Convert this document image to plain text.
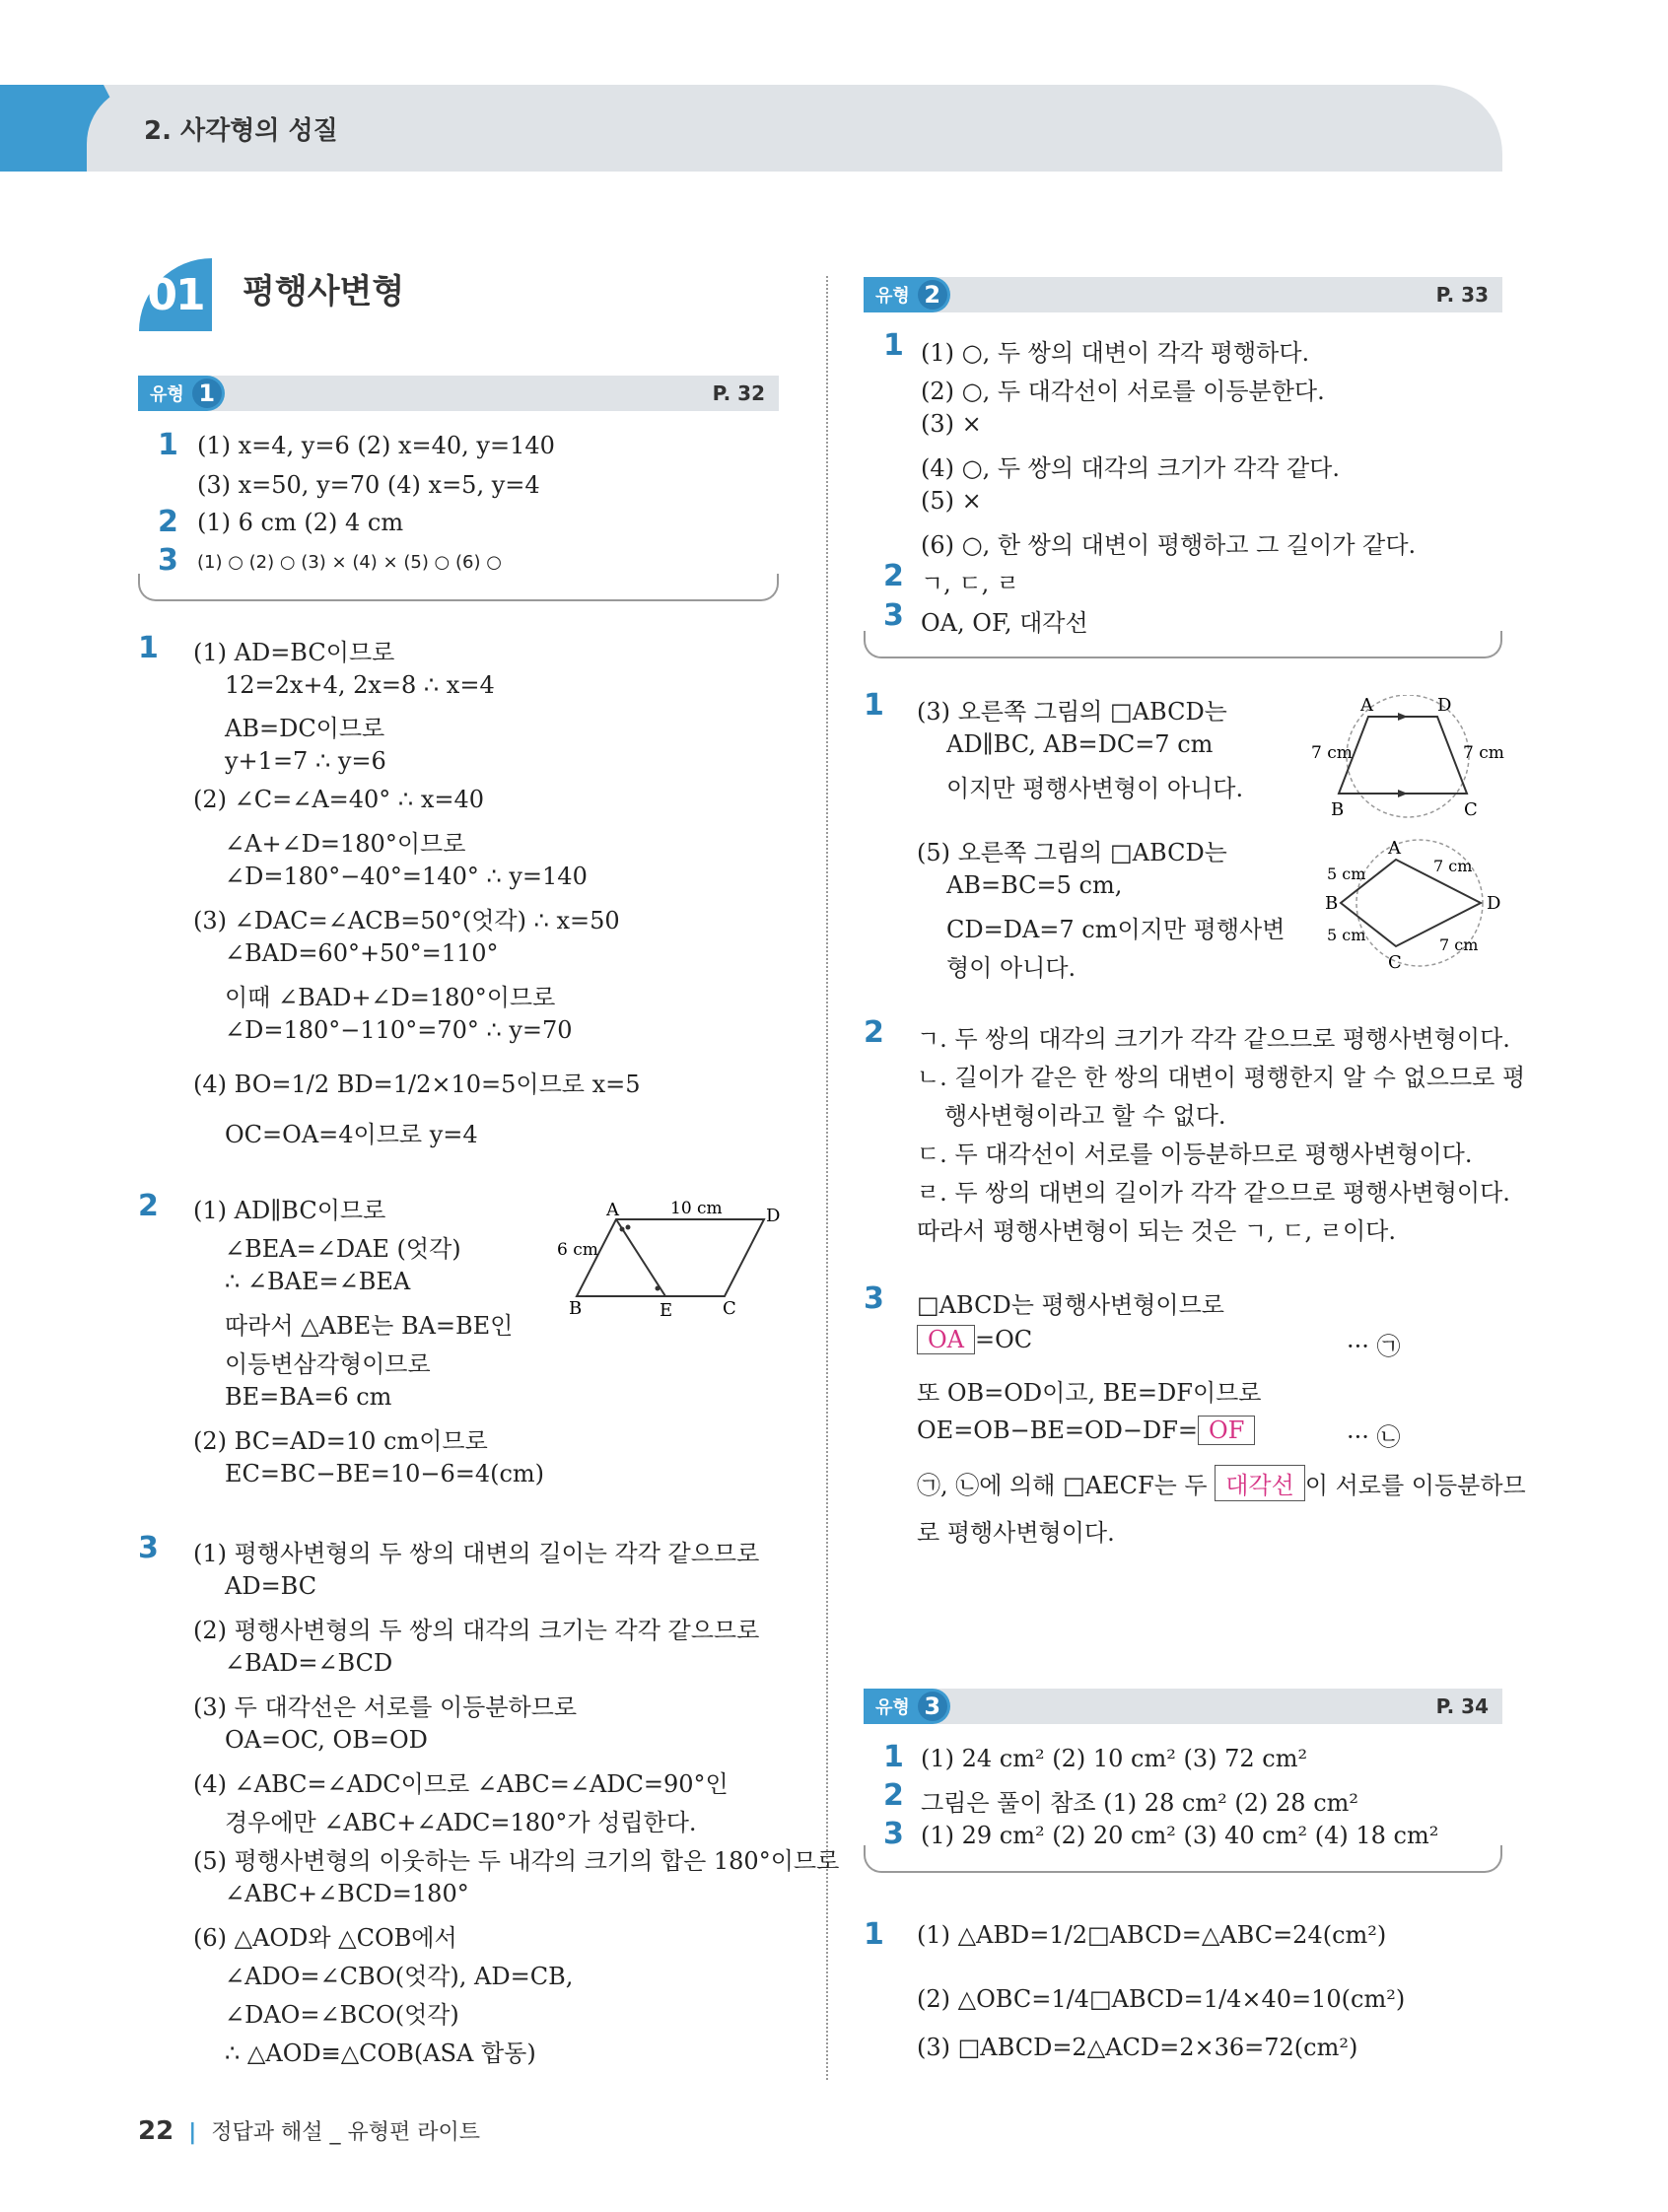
2. 사각형의 성질
01 평행사변형
유형 1	P. 32
1 (1) x=4, y=6 (2) x=40, y=140
(3) x=50, y=70 (4) x=5, y=4
2 (1) 6 cm (2) 4 cm
3 (1) ○ (2) ○ (3) × (4) × (5) ○ (6) ○
1 (1) AD=BC이므로
12=2x+4, 2x=8 ∴ x=4
AB=DC이므로
y+1=7 ∴ y=6
(2) ∠C=∠A=40° ∴ x=40
∠A+∠D=180°이므로
∠D=180°−40°=140° ∴ y=140
(3) ∠DAC=∠ACB=50°(엇각) ∴ x=50
∠BAD=60°+50°=110°
이때 ∠BAD+∠D=180°이므로
∠D=180°−110°=70° ∴ y=70
(4) BO=1/2 BD=1/2×10=5이므로 x=5
OC=OA=4이므로 y=4
2 (1) AD∥BC이므로
∠BEA=∠DAE (엇각)
∴ ∠BAE=∠BEA
따라서 △ABE는 BA=BE인
이등변삼각형이므로
BE=BA=6 cm
(2) BC=AD=10 cm이므로
EC=BC−BE=10−6=4(cm)
A	D
B	E	C
10 cm
6 cm
3 (1) 평행사변형의 두 쌍의 대변의 길이는 각각 같으므로
AD=BC
(2) 평행사변형의 두 쌍의 대각의 크기는 각각 같으므로
∠BAD=∠BCD
(3) 두 대각선은 서로를 이등분하므로
OA=OC, OB=OD
(4) ∠ABC=∠ADC이므로 ∠ABC=∠ADC=90°인
경우에만 ∠ABC+∠ADC=180°가 성립한다.
(5) 평행사변형의 이웃하는 두 내각의 크기의 합은 180°이므로
∠ABC+∠BCD=180°
(6) △AOD와 △COB에서
∠ADO=∠CBO(엇각), AD=CB,
∠DAO=∠BCO(엇각)
∴ △AOD≡△COB(ASA 합동)
유형 2	P. 33
1 (1) ○, 두 쌍의 대변이 각각 평행하다.
(2) ○, 두 대각선이 서로를 이등분한다.
(3) ×
(4) ○, 두 쌍의 대각의 크기가 각각 같다.
(5) ×
(6) ○, 한 쌍의 대변이 평행하고 그 길이가 같다.
2 ㄱ, ㄷ, ㄹ
3 OA, OF, 대각선
1 (3) 오른쪽 그림의 □ABCD는
AD∥BC, AB=DC=7 cm
이지만 평행사변형이 아니다.
(5) 오른쪽 그림의 □ABCD는
AB=BC=5 cm,
CD=DA=7 cm이지만 평행사변
형이 아니다.
A	D
B	C
7 cm	7 cm
A
B
C
D
5 cm	7 cm
5 cm
7 cm
2 ㄱ. 두 쌍의 대각의 크기가 각각 같으므로 평행사변형이다.
ㄴ. 길이가 같은 한 쌍의 대변이 평행한지 알 수 없으므로 평
행사변형이라고 할 수 없다.
ㄷ. 두 대각선이 서로를 이등분하므로 평행사변형이다.
ㄹ. 두 쌍의 대변의 길이가 각각 같으므로 평행사변형이다.
따라서 평행사변형이 되는 것은 ㄱ, ㄷ, ㄹ이다.
3 □ABCD는 평행사변형이므로
OA =OC	··· ㉠
또 OB=OD이고, BE=DF이므로
OE=OB−BE=OD−DF= OF	··· ㉡
㉠, ㉡에 의해 □AECF는 두 대각선 이 서로를 이등분하므
로 평행사변형이다.
유형 3	P. 34
1 (1) 24 cm² (2) 10 cm² (3) 72 cm²
2 그림은 풀이 참조 (1) 28 cm² (2) 28 cm²
3 (1) 29 cm² (2) 20 cm² (3) 40 cm² (4) 18 cm²
1 (1) △ABD=1/2□ABCD=△ABC=24(cm²)
(2) △OBC=1/4□ABCD=1/4×40=10(cm²)
(3) □ABCD=2△ACD=2×36=72(cm²)
22 | 정답과 해설 _ 유형편 라이트
